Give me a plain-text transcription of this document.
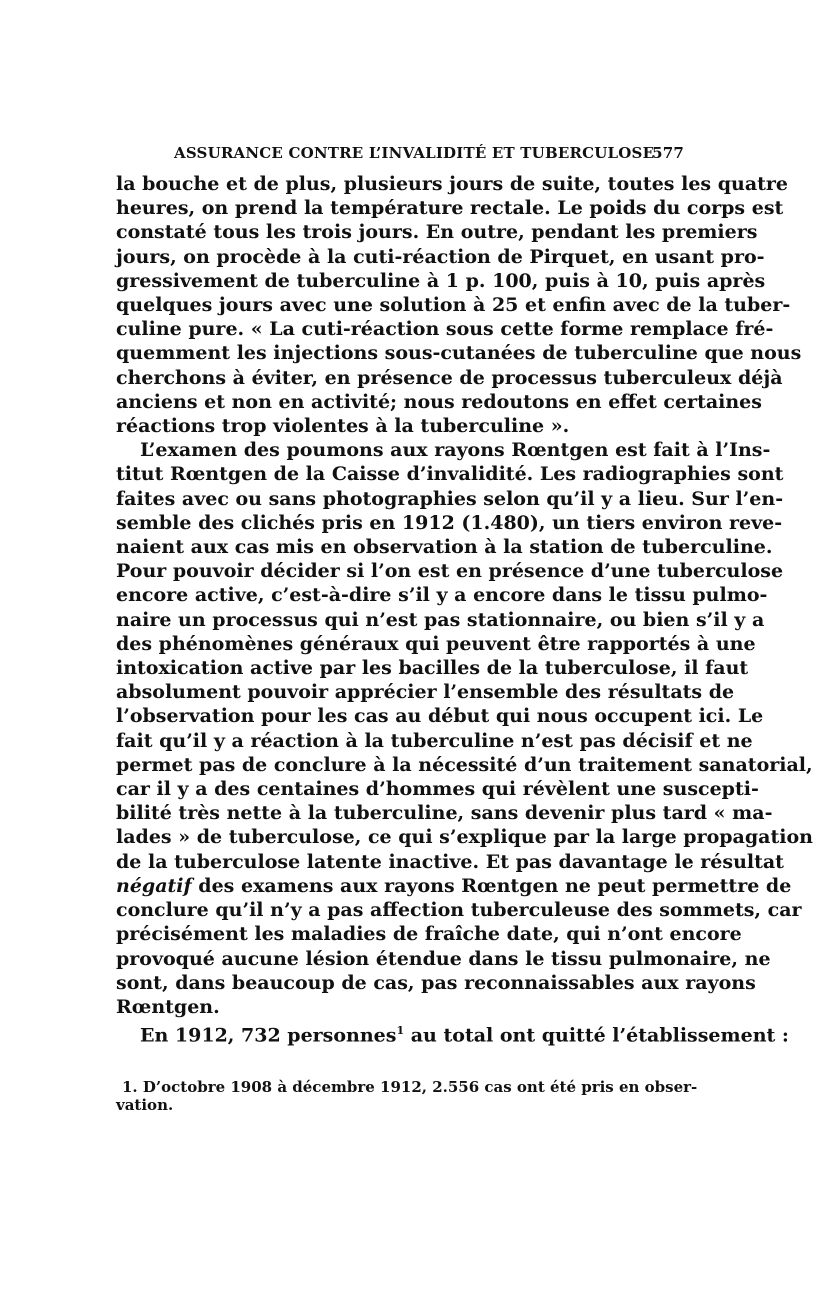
ASSURANCE CONTRE L’INVALIDITÉ ET TUBERCULOSE
577
la bouche et de plus, plusieurs jours de suite, toutes les quatre
heures, on prend la température rectale. Le poids du corps est
constaté tous les trois jours. En outre, pendant les premiers
jours, on procède à la cuti-réaction de Pirquet, en usant pro-
gressivement de tuberculine à 1 p. 100, puis à 10, puis après
quelques jours avec une solution à 25 et enfin avec de la tuber-
culine pure. « La cuti-réaction sous cette forme remplace fré-
quemment les injections sous-cutanées de tuberculine que nous
cherchons à éviter, en présence de processus tuberculeux déjà
anciens et non en activité; nous redoutons en effet certaines
réactions trop violentes à la tuberculine ».
L’examen des poumons aux rayons Rœntgen est fait à l’Ins-
titut Rœntgen de la Caisse d’invalidité. Les radiographies sont
faites avec ou sans photographies selon qu’il y a lieu. Sur l’en-
semble des clichés pris en 1912 (1.480), un tiers environ reve-
naient aux cas mis en observation à la station de tuberculine.
Pour pouvoir décider si l’on est en présence d’une tuberculose
encore active, c’est-à-dire s’il y a encore dans le tissu pulmo-
naire un processus qui n’est pas stationnaire, ou bien s’il y a
des phénomènes généraux qui peuvent être rapportés à une
intoxication active par les bacilles de la tuberculose, il faut
absolument pouvoir apprécier l’ensemble des résultats de
l’observation pour les cas au début qui nous occupent ici. Le
fait qu’il y a réaction à la tuberculine n’est pas décisif et ne
permet pas de conclure à la nécessité d’un traitement sanatorial,
car il y a des centaines d’hommes qui révèlent une suscepti-
bilité très nette à la tuberculine, sans devenir plus tard « ma-
lades » de tuberculose, ce qui s’explique par la large propagation
de la tuberculose latente inactive. Et pas davantage le résultat
négatif des examens aux rayons Rœntgen ne peut permettre de
conclure qu’il n’y a pas affection tuberculeuse des sommets, car
précisément les maladies de fraîche date, qui n’ont encore
provoqué aucune lésion étendue dans le tissu pulmonaire, ne
sont, dans beaucoup de cas, pas reconnaissables aux rayons
Rœntgen.
En 1912, 732 personnes$^1$ au total ont quitté l’établissement :
1. D’octobre 1908 à décembre 1912, 2.556 cas ont été pris en obser-
vation.
